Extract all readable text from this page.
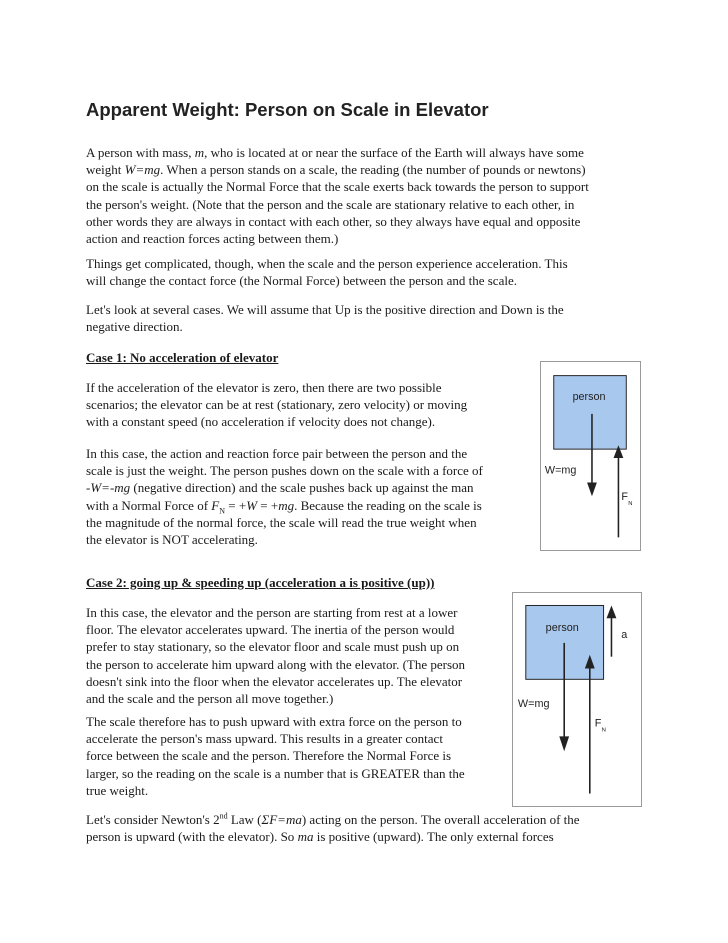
Apparent Weight: Person on Scale in Elevator

A person with mass, m, who is located at or near the surface of the Earth will always have some
weight W=mg. When a person stands on a scale, the reading (the number of pounds or newtons)
on the scale is actually the Normal Force that the scale exerts back towards the person to support
the person's weight. (Note that the person and the scale are stationary relative to each other, in
other words they are always in contact with each other, so they always have equal and opposite
action and reaction forces acting between them.)

Things get complicated, though, when the scale and the person experience acceleration. This
will change the contact force (the Normal Force) between the person and the scale.

Let's look at several cases. We will assume that Up is the positive direction and Down is the
negative direction.

Case 1: No acceleration of elevator

If the acceleration of the elevator is zero, then there are two possible
scenarios; the elevator can be at rest (stationary, zero velocity) or moving
with a constant speed (no acceleration if velocity does not change).

In this case, the action and reaction force pair between the person and the
scale is just the weight. The person pushes down on the scale with a force of
-W=-mg (negative direction) and the scale pushes back up against the man
with a Normal Force of $F_N = +W = +mg$. Because the reading on the scale is
the magnitude of the normal force, the scale will read the true weight when
the elevator is NOT accelerating.

person
W=mg
F
N

Case 2: going up & speeding up (acceleration a is positive (up))

In this case, the elevator and the person are starting from rest at a lower
floor. The elevator accelerates upward. The inertia of the person would
prefer to stay stationary, so the elevator floor and scale must push up on
the person to accelerate him upward along with the elevator. (The person
doesn't sink into the floor when the elevator accelerates up. The elevator
and the scale and the person all move together.)

The scale therefore has to push upward with extra force on the person to
accelerate the person's mass upward. This results in a greater contact
force between the scale and the person. Therefore the Normal Force is
larger, so the reading on the scale is a number that is GREATER than the
true weight.

person
a
W=mg
F
N

Let's consider Newton's 2nd Law (ΣF=ma) acting on the person. The overall acceleration of the
person is upward (with the elevator). So ma is positive (upward). The only external forces
